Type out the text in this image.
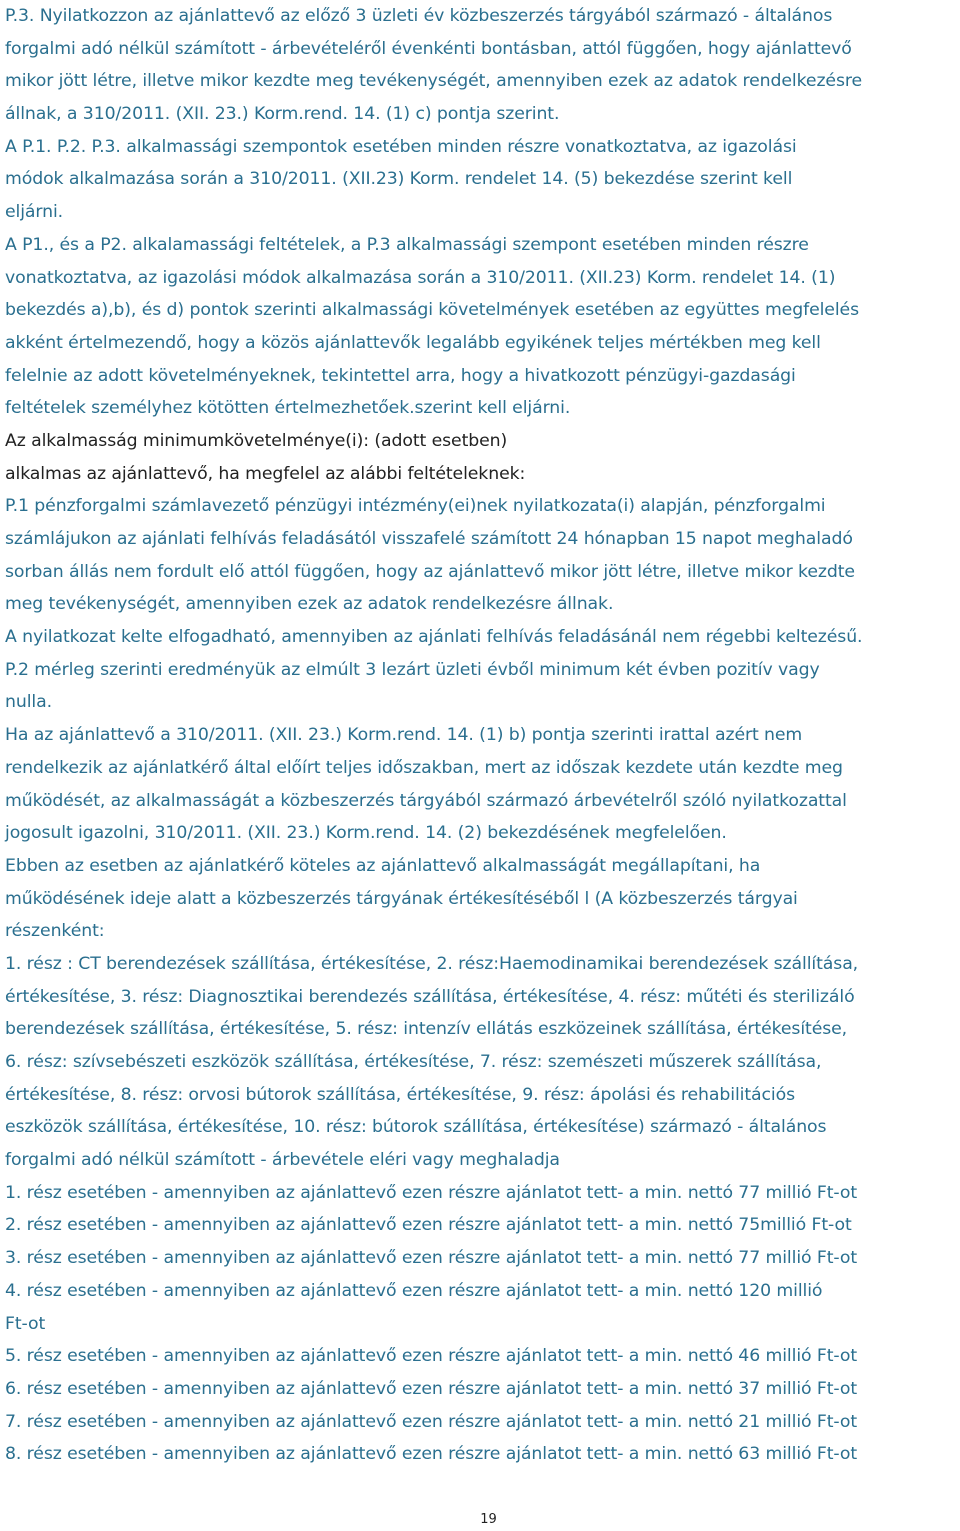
P.3. Nyilatkozzon az ajánlattevő az előző 3 üzleti év közbeszerzés tárgyából származó - általános
forgalmi adó nélkül számított - árbevételéről évenkénti bontásban, attól függően, hogy ajánlattevő
mikor jött létre, illetve mikor kezdte meg tevékenységét, amennyiben ezek az adatok rendelkezésre
állnak, a 310/2011. (XII. 23.) Korm.rend. 14. (1) c) pontja szerint.
A P.1. P.2. P.3. alkalmassági szempontok esetében minden részre vonatkoztatva, az igazolási
módok alkalmazása során a 310/2011. (XII.23) Korm. rendelet 14. (5) bekezdése szerint kell
eljárni.
A P1., és a P2. alkalamassági feltételek, a P.3 alkalmassági szempont esetében minden részre
vonatkoztatva, az igazolási módok alkalmazása során a 310/2011. (XII.23) Korm. rendelet 14. (1)
bekezdés a),b), és d) pontok szerinti alkalmassági követelmények esetében az együttes megfelelés
akként értelmezendő, hogy a közös ajánlattevők legalább egyikének teljes mértékben meg kell
felelnie az adott követelményeknek, tekintettel arra, hogy a hivatkozott pénzügyi-gazdasági
feltételek személyhez kötötten értelmezhetőek.szerint kell eljárni.
Az alkalmasság minimumkövetelménye(i): (adott esetben)
alkalmas az ajánlattevő, ha megfelel az alábbi feltételeknek:
P.1 pénzforgalmi számlavezető pénzügyi intézmény(ei)nek nyilatkozata(i) alapján, pénzforgalmi
számlájukon az ajánlati felhívás feladásától visszafelé számított 24 hónapban 15 napot meghaladó
sorban állás nem fordult elő attól függően, hogy az ajánlattevő mikor jött létre, illetve mikor kezdte
meg tevékenységét, amennyiben ezek az adatok rendelkezésre állnak.
A nyilatkozat kelte elfogadható, amennyiben az ajánlati felhívás feladásánál nem régebbi keltezésű.
P.2 mérleg szerinti eredményük az elmúlt 3 lezárt üzleti évből minimum két évben pozitív vagy
nulla.
Ha az ajánlattevő a 310/2011. (XII. 23.) Korm.rend. 14. (1) b) pontja szerinti irattal azért nem
rendelkezik az ajánlatkérő által előírt teljes időszakban, mert az időszak kezdete után kezdte meg
működését, az alkalmasságát a közbeszerzés tárgyából származó árbevételről szóló nyilatkozattal
jogosult igazolni, 310/2011. (XII. 23.) Korm.rend. 14. (2) bekezdésének megfelelően.
Ebben az esetben az ajánlatkérő köteles az ajánlattevő alkalmasságát megállapítani, ha
működésének ideje alatt a közbeszerzés tárgyának értékesítéséből l (A közbeszerzés tárgyai
részenként:
1. rész : CT berendezések szállítása, értékesítése, 2. rész:Haemodinamikai berendezések szállítása,
értékesítése, 3. rész: Diagnosztikai berendezés szállítása, értékesítése, 4. rész: műtéti és sterilizáló
berendezések szállítása, értékesítése, 5. rész: intenzív ellátás eszközeinek szállítása, értékesítése,
6. rész: szívsebészeti eszközök szállítása, értékesítése, 7. rész: szemészeti műszerek szállítása,
értékesítése, 8. rész: orvosi bútorok szállítása, értékesítése, 9. rész: ápolási és rehabilitációs
eszközök szállítása, értékesítése, 10. rész: bútorok szállítása, értékesítése) származó - általános
forgalmi adó nélkül számított - árbevétele eléri vagy meghaladja
1. rész esetében - amennyiben az ajánlattevő ezen részre ajánlatot tett- a min. nettó 77 millió Ft-ot
2. rész esetében - amennyiben az ajánlattevő ezen részre ajánlatot tett- a min. nettó 75millió Ft-ot
3. rész esetében - amennyiben az ajánlattevő ezen részre ajánlatot tett- a min. nettó 77 millió Ft-ot
4. rész esetében - amennyiben az ajánlattevő ezen részre ajánlatot tett- a min. nettó 120 millió
Ft-ot
5. rész esetében - amennyiben az ajánlattevő ezen részre ajánlatot tett- a min. nettó 46 millió Ft-ot
6. rész esetében - amennyiben az ajánlattevő ezen részre ajánlatot tett- a min. nettó 37 millió Ft-ot
7. rész esetében - amennyiben az ajánlattevő ezen részre ajánlatot tett- a min. nettó 21 millió Ft-ot
8. rész esetében - amennyiben az ajánlattevő ezen részre ajánlatot tett- a min. nettó 63 millió Ft-ot
19
